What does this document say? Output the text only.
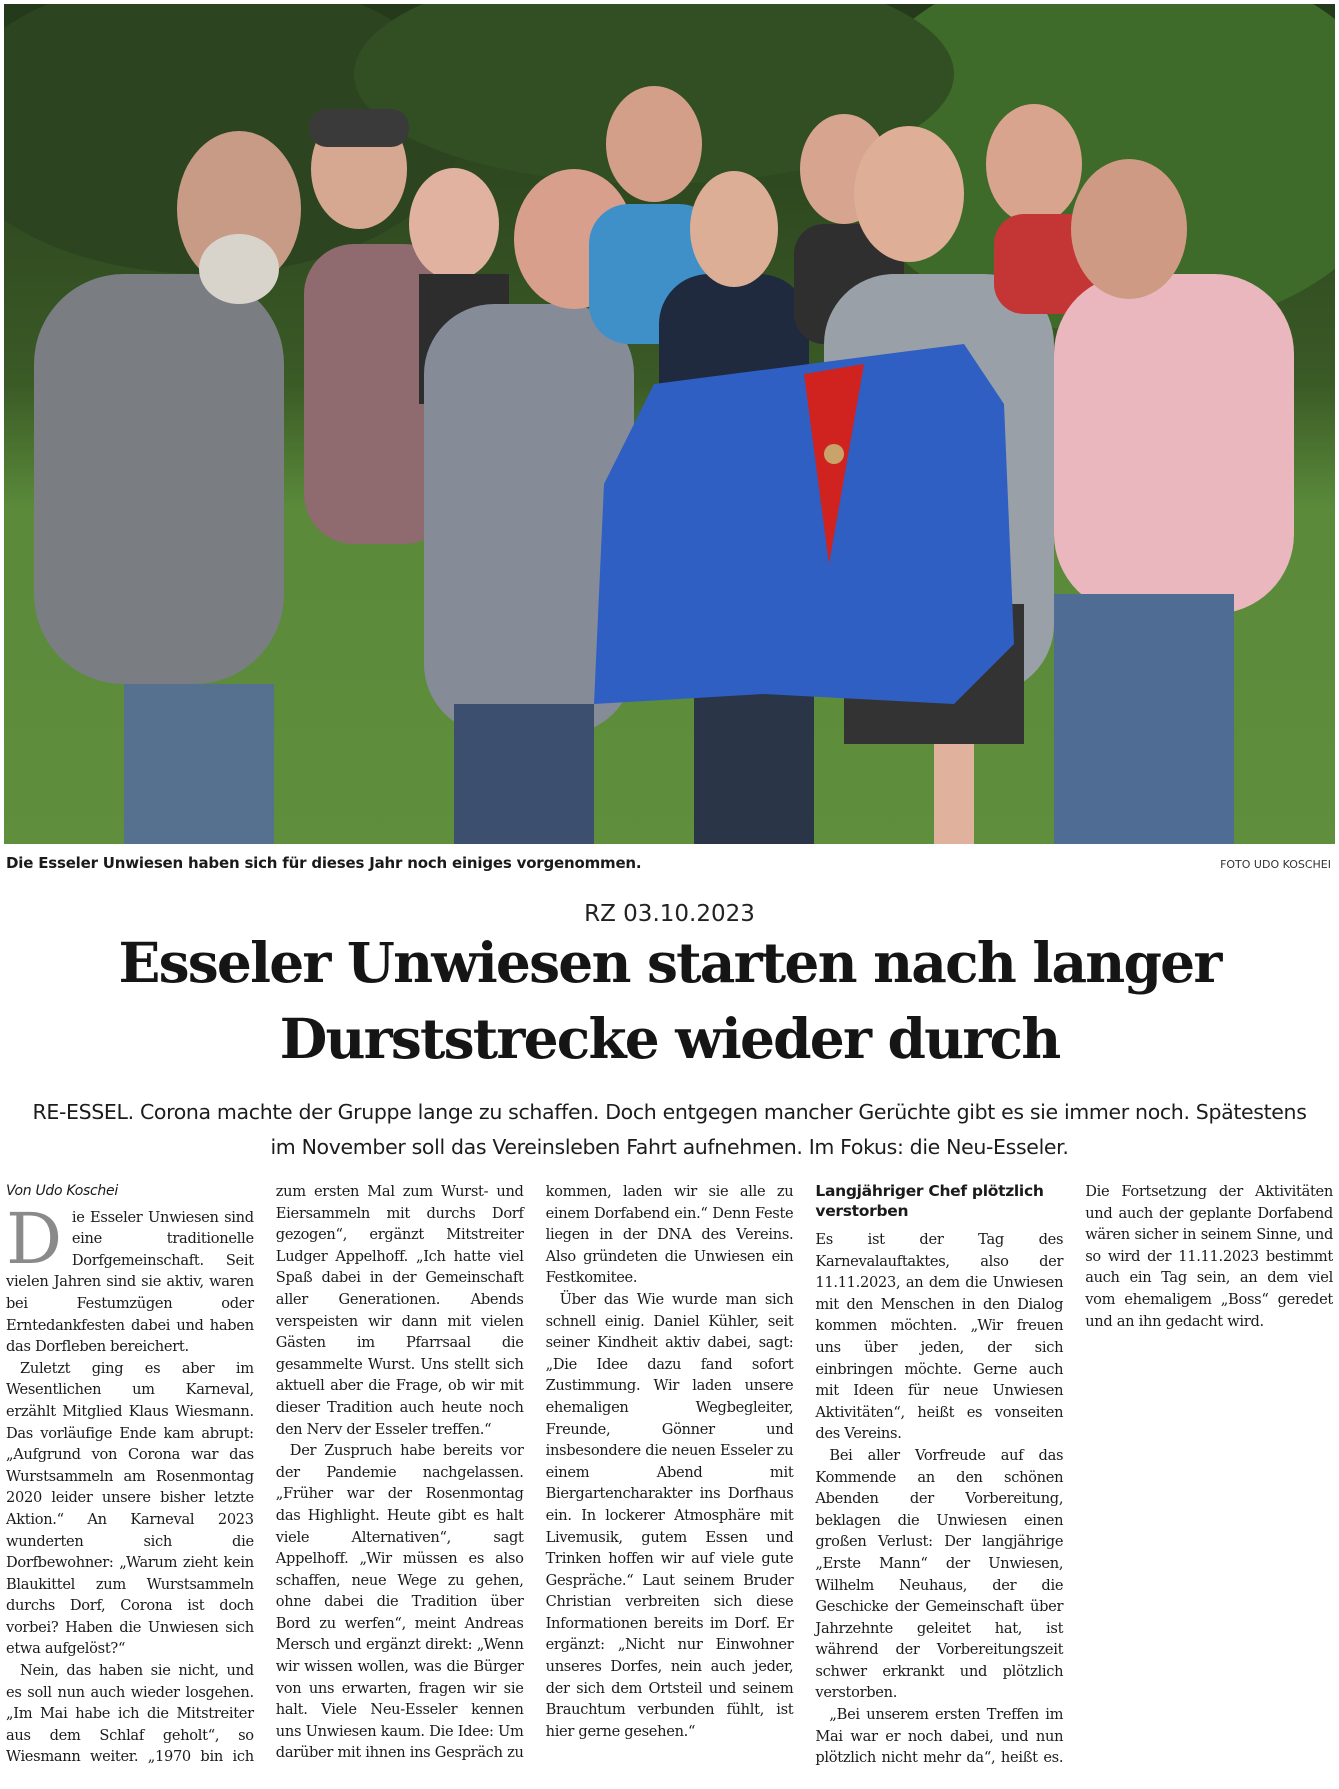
Die Esseler Unwiesen haben sich für dieses Jahr noch einiges vorgenommen.	FOTO UDO KOSCHEI
RZ 03.10.2023
Esseler Unwiesen starten nach langer
Durststrecke wieder durch
RE-ESSEL. Corona machte der Gruppe lange zu schaffen. Doch entgegen mancher Gerüchte gibt es sie immer noch. Spätestens im November soll das Vereinsleben Fahrt aufnehmen. Im Fokus: die Neu-Esseler.
Von Udo Koschei

Die Esseler Unwiesen sind eine traditionelle Dorfgemeinschaft. Seit vielen Jahren sind sie aktiv, waren bei Festumzügen oder Erntedankfesten dabei und haben das Dorfleben bereichert.

Zuletzt ging es aber im Wesentlichen um Karneval, erzählt Mitglied Klaus Wiesmann. Das vorläufige Ende kam abrupt: „Aufgrund von Corona war das Wurstsammeln am Rosenmontag 2020 leider unsere bisher letzte Aktion.“ An Karneval 2023 wunderten sich die Dorfbewohner: „Warum zieht kein Blaukittel zum Wurstsammeln durchs Dorf, Corona ist doch vorbei? Haben die Unwiesen sich etwa aufgelöst?“

Nein, das haben sie nicht, und es soll nun auch wieder losgehen. „Im Mai habe ich die Mitstreiter aus dem Schlaf geholt“, so Wiesmann weiter. „1970 bin ich zum ersten Mal zum Wurst- und Eiersammeln mit durchs Dorf gezogen“, ergänzt Mitstreiter Ludger Appelhoff. „Ich hatte viel Spaß dabei in der Gemeinschaft aller Generationen. Abends verspeisten wir dann mit vielen Gästen im Pfarrsaal die gesammelte Wurst. Uns stellt sich aktuell aber die Frage, ob wir mit dieser Tradition auch heute noch den Nerv der Esseler treffen.“

Der Zuspruch habe bereits vor der Pandemie nachgelassen. „Früher war der Rosenmontag das Highlight. Heute gibt es halt viele Alternativen“, sagt Appelhoff. „Wir müssen es also schaffen, neue Wege zu gehen, ohne dabei die Tradition über Bord zu werfen“, meint Andreas Mersch und ergänzt direkt: „Wenn wir wissen wollen, was die Bürger von uns erwarten, fragen wir sie halt. Viele Neu-Esseler kennen uns Unwiesen kaum. Die Idee: Um darüber mit ihnen ins Gespräch zu kommen, laden wir sie alle zu einem Dorfabend ein.“ Denn Feste liegen in der DNA des Vereins. Also gründeten die Unwiesen ein Festkomitee.

Über das Wie wurde man sich schnell einig. Daniel Kühler, seit seiner Kindheit aktiv dabei, sagt: „Die Idee dazu fand sofort Zustimmung. Wir laden unsere ehemaligen Wegbegleiter, Freunde, Gönner und insbesondere die neuen Esseler zu einem Abend mit Biergartencharakter ins Dorfhaus ein. In lockerer Atmosphäre mit Livemusik, gutem Essen und Trinken hoffen wir auf viele gute Gespräche.“ Laut seinem Bruder Christian verbreiten sich diese Informationen bereits im Dorf. Er ergänzt: „Nicht nur Einwohner unseres Dorfes, nein auch jeder, der sich dem Ortsteil und seinem Brauchtum verbunden fühlt, ist hier gerne gesehen.“

Langjähriger Chef plötzlich verstorben

Es ist der Tag des Karnevalauftaktes, also der 11.11.2023, an dem die Unwiesen mit den Menschen in den Dialog kommen möchten. „Wir freuen uns über jeden, der sich einbringen möchte. Gerne auch mit Ideen für neue Unwiesen Aktivitäten“, heißt es vonseiten des Vereins.

Bei aller Vorfreude auf das Kommende an den schönen Abenden der Vorbereitung, beklagen die Unwiesen einen großen Verlust: Der langjährige „Erste Mann“ der Unwiesen, Wilhelm Neuhaus, der die Geschicke der Gemeinschaft über Jahrzehnte geleitet hat, ist während der Vorbereitungszeit schwer erkrankt und plötzlich verstorben.

„Bei unserem ersten Treffen im Mai war er noch dabei, und nun plötzlich nicht mehr da“, heißt es. Die Fortsetzung der Aktivitäten und auch der geplante Dorfabend wären sicher in seinem Sinne, und so wird der 11.11.2023 bestimmt auch ein Tag sein, an dem viel vom ehemaligem „Boss“ geredet und an ihn gedacht wird.
